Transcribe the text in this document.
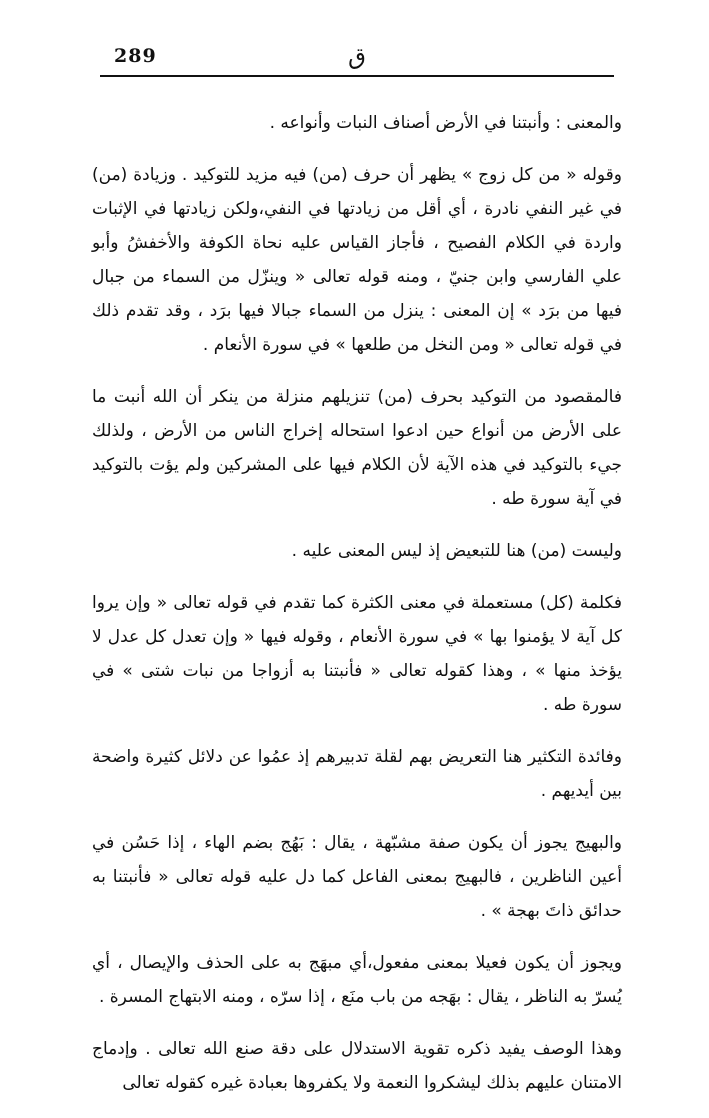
289	ق

والمعنى : وأنبتنا في الأرض أصناف النبات وأنواعه .

وقوله « من كل زوج » يظهر أن حرف (من) فيه مزيد للتوكيد . وزيادة (من) في غير النفي نادرة ، أي أقل من زيادتها في النفي،ولكن زيادتها في الإثبات واردة في الكلام الفصيح ، فأجاز القياس عليه نحاة الكوفة والأخفشُ وأبو علي الفارسي وابن جنيّ ، ومنه قوله تعالى « وينزّل من السماء من جبال فيها من برَد » إن المعنى : ينزل من السماء جبالا فيها برَد ، وقد تقدم ذلك في قوله تعالى « ومن النخل من طلعها » في سورة الأنعام .

فالمقصود من التوكيد بحرف (من) تنزيلهم منزلة من ينكر أن الله أنبت ما على الأرض من أنواع حين ادعوا استحاله إخراج الناس من الأرض ، ولذلك جيء بالتوكيد في هذه الآية لأن الكلام فيها على المشركين ولم يؤت بالتوكيد في آية سورة طه .

وليست (من) هنا للتبعيض إذ ليس المعنى عليه .

فكلمة (كل) مستعملة في معنى الكثرة كما تقدم في قوله تعالى « وإن يروا كل آية لا يؤمنوا بها » في سورة الأنعام ، وقوله فيها « وإن تعدل كل عدل لا يؤخذ منها » ، وهذا كقوله تعالى « فأنبتنا به أزواجا من نبات شتى » في سورة طه .

وفائدة التكثير هنا التعريض بهم لقلة تدبيرهم إذ عمُوا عن دلائل كثيرة واضحة بين أيديهم .

والبهيج يجوز أن يكون صفة مشبّهة ، يقال : بَهُج بضم الهاء ، إذا حَسُن في أعين الناظرين ، فالبهيج بمعنى الفاعل كما دل عليه قوله تعالى « فأنبتنا به حدائق ذاتَ بهجة » .

ويجوز أن يكون فعيلا بمعنى مفعول،أي مبهَج به على الحذف والإيصال ، أي يُسرّ به الناظر ، يقال : بهَجه من باب منَع ، إذا سرّه ، ومنه الابتهاج المسرة .

وهذا الوصف يفيد ذكره تقوية الاستدلال على دقة صنع الله تعالى . وإدماج الامتنان عليهم بذلك ليشكروا النعمة ولا يكفروها بعبادة غيره كقوله تعالى
